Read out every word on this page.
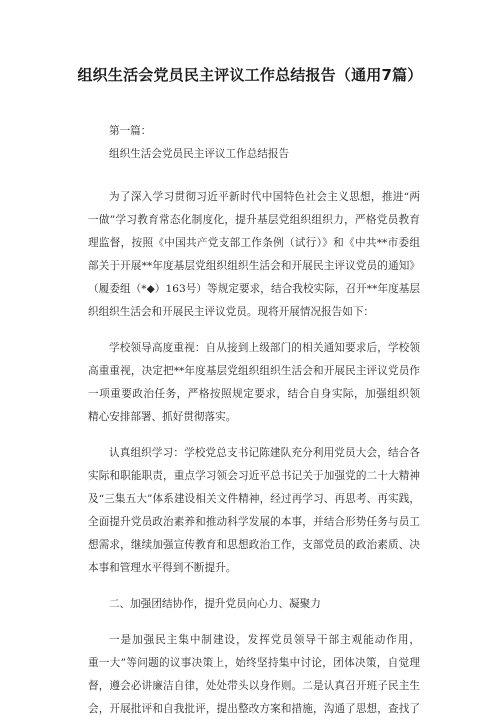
组织生活会党员民主评议工作总结报告（通用7篇）
第一篇：
组织生活会党员民主评议工作总结报告
为了深入学习贯彻习近平新时代中国特色社会主义思想，推进“两
一做”学习教育常态化制度化，提升基层党组织组织力，严格党员教育
理监督，按照《中国共产党支部工作条例（试行）》和《中共**市委组
部关于开展**年度基层党组织组织生活会和开展民主评议党员的通知》
（履委组（*◆）163号）等规定要求，结合我校实际，召开**年度基层
织组织生活会和开展民主评议党员。现将开展情况报告如下：
学校领导高度重视：自从接到上级部门的相关通知要求后，学校领
高重重视，决定把**年度基层党组织组织生活会和开展民主评议党员作
一项重要政治任务，严格按照规定要求，结合自身实际，加强组织领
精心安排部署、抓好贯彻落实。
认真组织学习：学校党总支书记陈建队充分利用党员大会，结合各
实际和职能职责，重点学习领会习近平总书记关于加强党的二十大精神
及“三集五大”体系建设相关文件精神，经过再学习、再思考、再实践，
全面提升党员政治素养和推动科学发展的本事，并结合形势任务与员工
想需求，继续加强宣传教育和思想政治工作，支部党员的政治素质、决
本事和管理水平得到不断提升。
二、加强团结协作，提升党员向心力、凝聚力
一是加强民主集中制建设，发挥党员领导干部主观能动作用，
重一大”等问题的议事决策上，始终坚持集中讨论，团体决策，自觉理
督，遵会必讲廉洁自律，处处带头以身作则。二是认真召开班子民主生
会，开展批评和自我批评，提出整改方案和措施，沟通了思想，查找了
